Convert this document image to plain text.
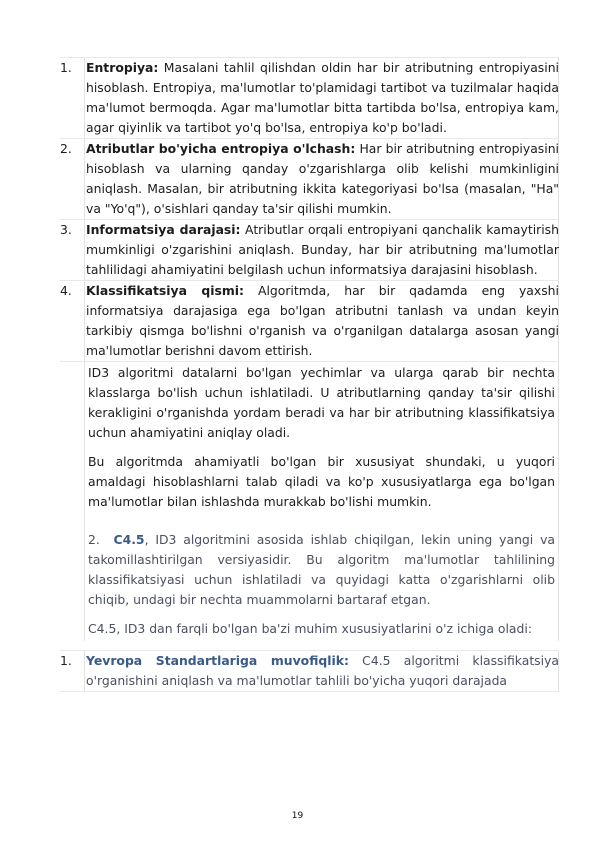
1.	Entropiya: Masalani tahlil qilishdan oldin har bir atributning entropiyasini hisoblash. Entropiya, ma'lumotlar to'plamidagi tartibot va tuzilmalar haqida ma'lumot bermoqda. Agar ma'lumotlar bitta tartibda bo'lsa, entropiya kam, agar qiyinlik va tartibot yo'q bo'lsa, entropiya ko'p bo'ladi.
2.	Atributlar bo'yicha entropiya o'lchash: Har bir atributning entropiyasini hisoblash va ularning qanday o'zgarishlarga olib kelishi mumkinligini aniqlash. Masalan, bir atributning ikkita kategoriyasi bo'lsa (masalan, "Ha" va "Yo'q"), o'sishlari qanday ta'sir qilishi mumkin.
3.	Informatsiya darajasi: Atributlar orqali entropiyani qanchalik kamaytirish mumkinligi o'zgarishini aniqlash. Bunday, har bir atributning ma'lumotlar tahlilidagi ahamiyatini belgilash uchun informatsiya darajasini hisoblash.
4.	Klassifikatsiya qismi: Algoritmda, har bir qadamda eng yaxshi informatsiya darajasiga ega bo'lgan atributni tanlash va undan keyin tarkibiy qismga bo'lishni o'rganish va o'rganilgan datalarga asosan yangi ma'lumotlar berishni davom ettirish.

ID3 algoritmi datalarni bo'lgan yechimlar va ularga qarab bir nechta klasslarga bo'lish uchun ishlatiladi. U atributlarning qanday ta'sir qilishi kerakligini o'rganishda yordam beradi va har bir atributning klassifikatsiya uchun ahamiyatini aniqlay oladi.

Bu algoritmda ahamiyatli bo'lgan bir xususiyat shundaki, u yuqori amaldagi hisoblashlarni talab qiladi va ko'p xususiyatlarga ega bo'lgan ma'lumotlar bilan ishlashda murakkab bo'lishi mumkin.

2. C4.5, ID3 algoritmini asosida ishlab chiqilgan, lekin uning yangi va takomillashtirilgan versiyasidir. Bu algoritm ma'lumotlar tahlilining klassifikatsiyasi uchun ishlatiladi va quyidagi katta o'zgarishlarni olib chiqib, undagi bir nechta muammolarni bartaraf etgan.

C4.5, ID3 dan farqli bo'lgan ba'zi muhim xususiyatlarini o'z ichiga oladi:

1.	Yevropa Standartlariga muvofiqlik: C4.5 algoritmi klassifikatsiya o'rganishini aniqlash va ma'lumotlar tahlili bo'yicha yuqori darajada
19
